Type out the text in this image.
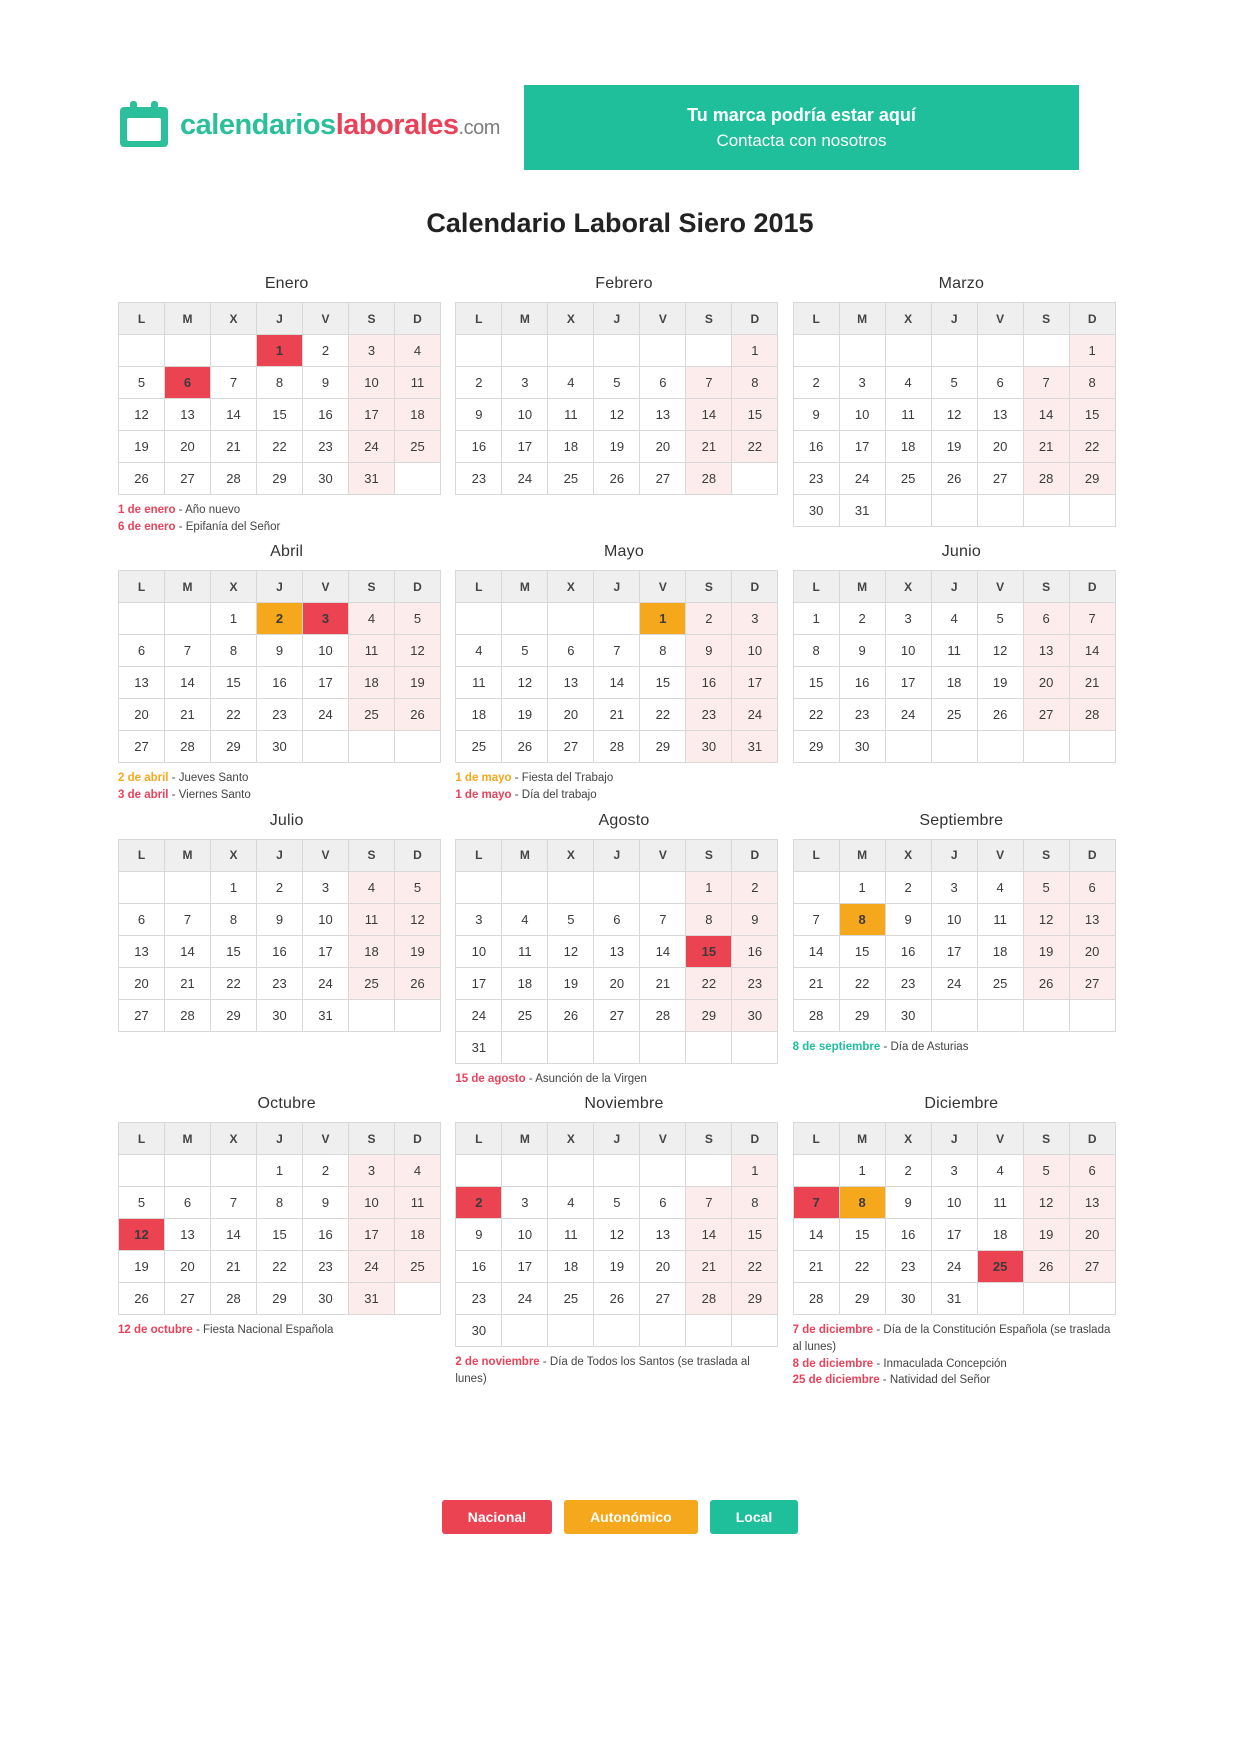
calendarioslaborales.com
Tu marca podría estar aquí
Contacta con nosotros
Calendario Laboral Siero 2015
Enero
L	M	X	J	V	S	D
			1	2	3	4
5	6	7	8	9	10	11
12	13	14	15	16	17	18
19	20	21	22	23	24	25
26	27	28	29	30	31	
1 de enero - Año nuevo
6 de enero - Epifanía del Señor
Febrero
L	M	X	J	V	S	D
						1
2	3	4	5	6	7	8
9	10	11	12	13	14	15
16	17	18	19	20	21	22
23	24	25	26	27	28	
Marzo
L	M	X	J	V	S	D
						1
2	3	4	5	6	7	8
9	10	11	12	13	14	15
16	17	18	19	20	21	22
23	24	25	26	27	28	29
30	31					
Abril
L	M	X	J	V	S	D
		1	2	3	4	5
6	7	8	9	10	11	12
13	14	15	16	17	18	19
20	21	22	23	24	25	26
27	28	29	30			
2 de abril - Jueves Santo
3 de abril - Viernes Santo
Mayo
L	M	X	J	V	S	D
				1	2	3
4	5	6	7	8	9	10
11	12	13	14	15	16	17
18	19	20	21	22	23	24
25	26	27	28	29	30	31
1 de mayo - Fiesta del Trabajo
1 de mayo - Día del trabajo
Junio
L	M	X	J	V	S	D
1	2	3	4	5	6	7
8	9	10	11	12	13	14
15	16	17	18	19	20	21
22	23	24	25	26	27	28
29	30					
Julio
L	M	X	J	V	S	D
		1	2	3	4	5
6	7	8	9	10	11	12
13	14	15	16	17	18	19
20	21	22	23	24	25	26
27	28	29	30	31		
Agosto
L	M	X	J	V	S	D
					1	2
3	4	5	6	7	8	9
10	11	12	13	14	15	16
17	18	19	20	21	22	23
24	25	26	27	28	29	30
31						
15 de agosto - Asunción de la Virgen
Septiembre
L	M	X	J	V	S	D
	1	2	3	4	5	6
7	8	9	10	11	12	13
14	15	16	17	18	19	20
21	22	23	24	25	26	27
28	29	30				
8 de septiembre - Día de Asturias
Octubre
L	M	X	J	V	S	D
			1	2	3	4
5	6	7	8	9	10	11
12	13	14	15	16	17	18
19	20	21	22	23	24	25
26	27	28	29	30	31	
12 de octubre - Fiesta Nacional Española
Noviembre
L	M	X	J	V	S	D
						1
2	3	4	5	6	7	8
9	10	11	12	13	14	15
16	17	18	19	20	21	22
23	24	25	26	27	28	29
30						
2 de noviembre - Día de Todos los Santos (se traslada al lunes)
Diciembre
L	M	X	J	V	S	D
	1	2	3	4	5	6
7	8	9	10	11	12	13
14	15	16	17	18	19	20
21	22	23	24	25	26	27
28	29	30	31			
7 de diciembre - Día de la Constitución Española (se traslada al lunes)
8 de diciembre - Inmaculada Concepción
25 de diciembre - Natividad del Señor
Nacional	Autonómico	Local
